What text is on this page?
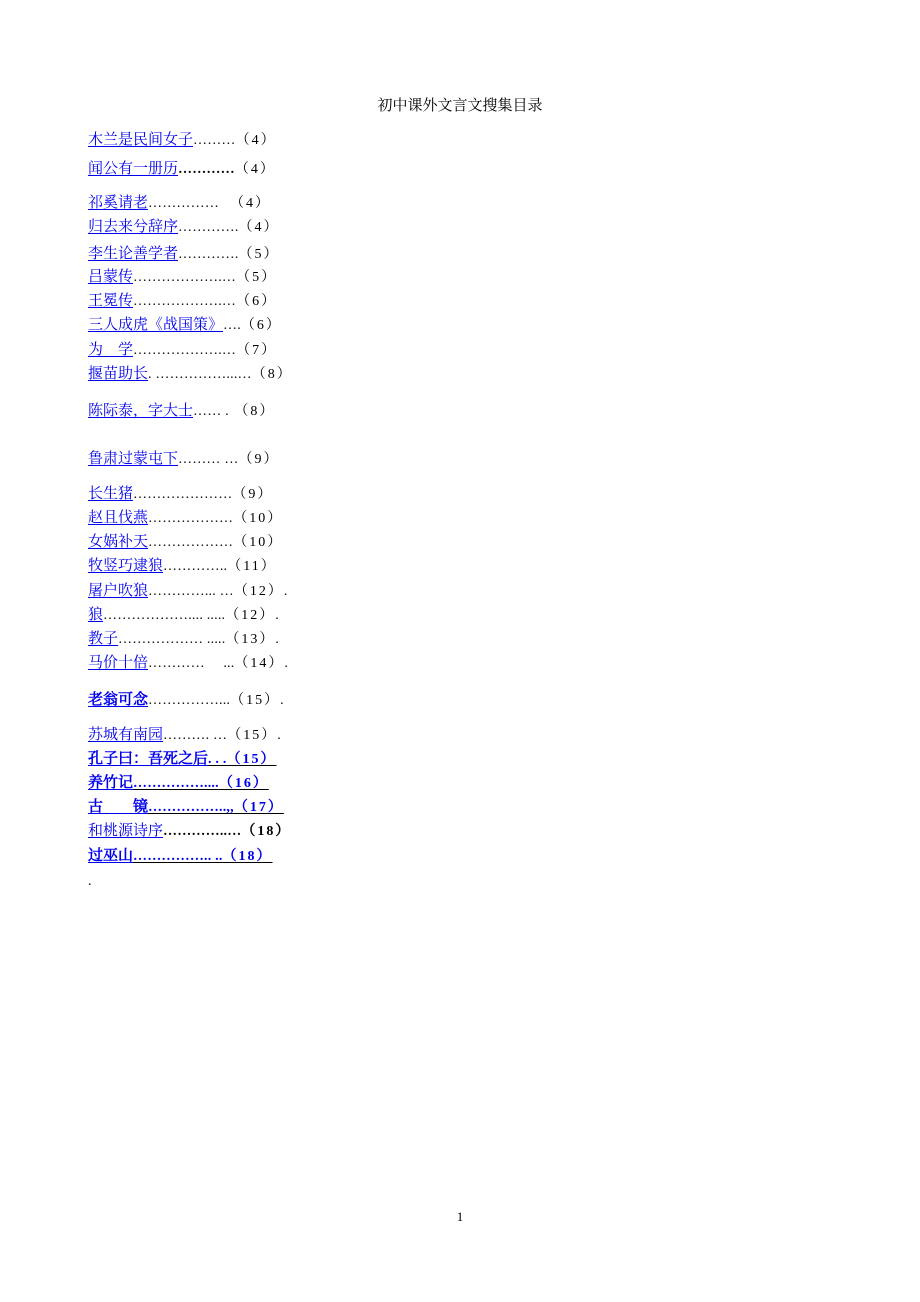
初中课外文言文搜集目录
木兰是民间女子………（4）
闻公有一册历…………（4）
祁奚请老……………  （4）
归去来兮辞序………….（4）
李生论善学者………….（5）
吕蒙传……………….…（5）
王冕传……………….…（6）
三人成虎《战国策》….（6）
为　学……………….…（7）
揠苗助长. ……………...…（8）
陈际泰，字大士…… . （8）
鲁肃过蒙屯下……… …（9）
长生猪…………………（9）
赵且伐燕………………（10）
女娲补天………………（10）
牧竖巧逮狼…………..（11）
屠户吹狼…………... …（12）.
狼……………….... .....（12）.
教子……………… .....（13）.
马价十倍…………     ...（14）.
老翁可念……………...（15）.
苏城有南园………. …（15）.
孔子曰：吾死之后. . .（15）
养竹记……………....（16）
古　　镜……………..,,（17）
和桃源诗序…………..…（18）
过巫山…………….. ..（18）
.
1
